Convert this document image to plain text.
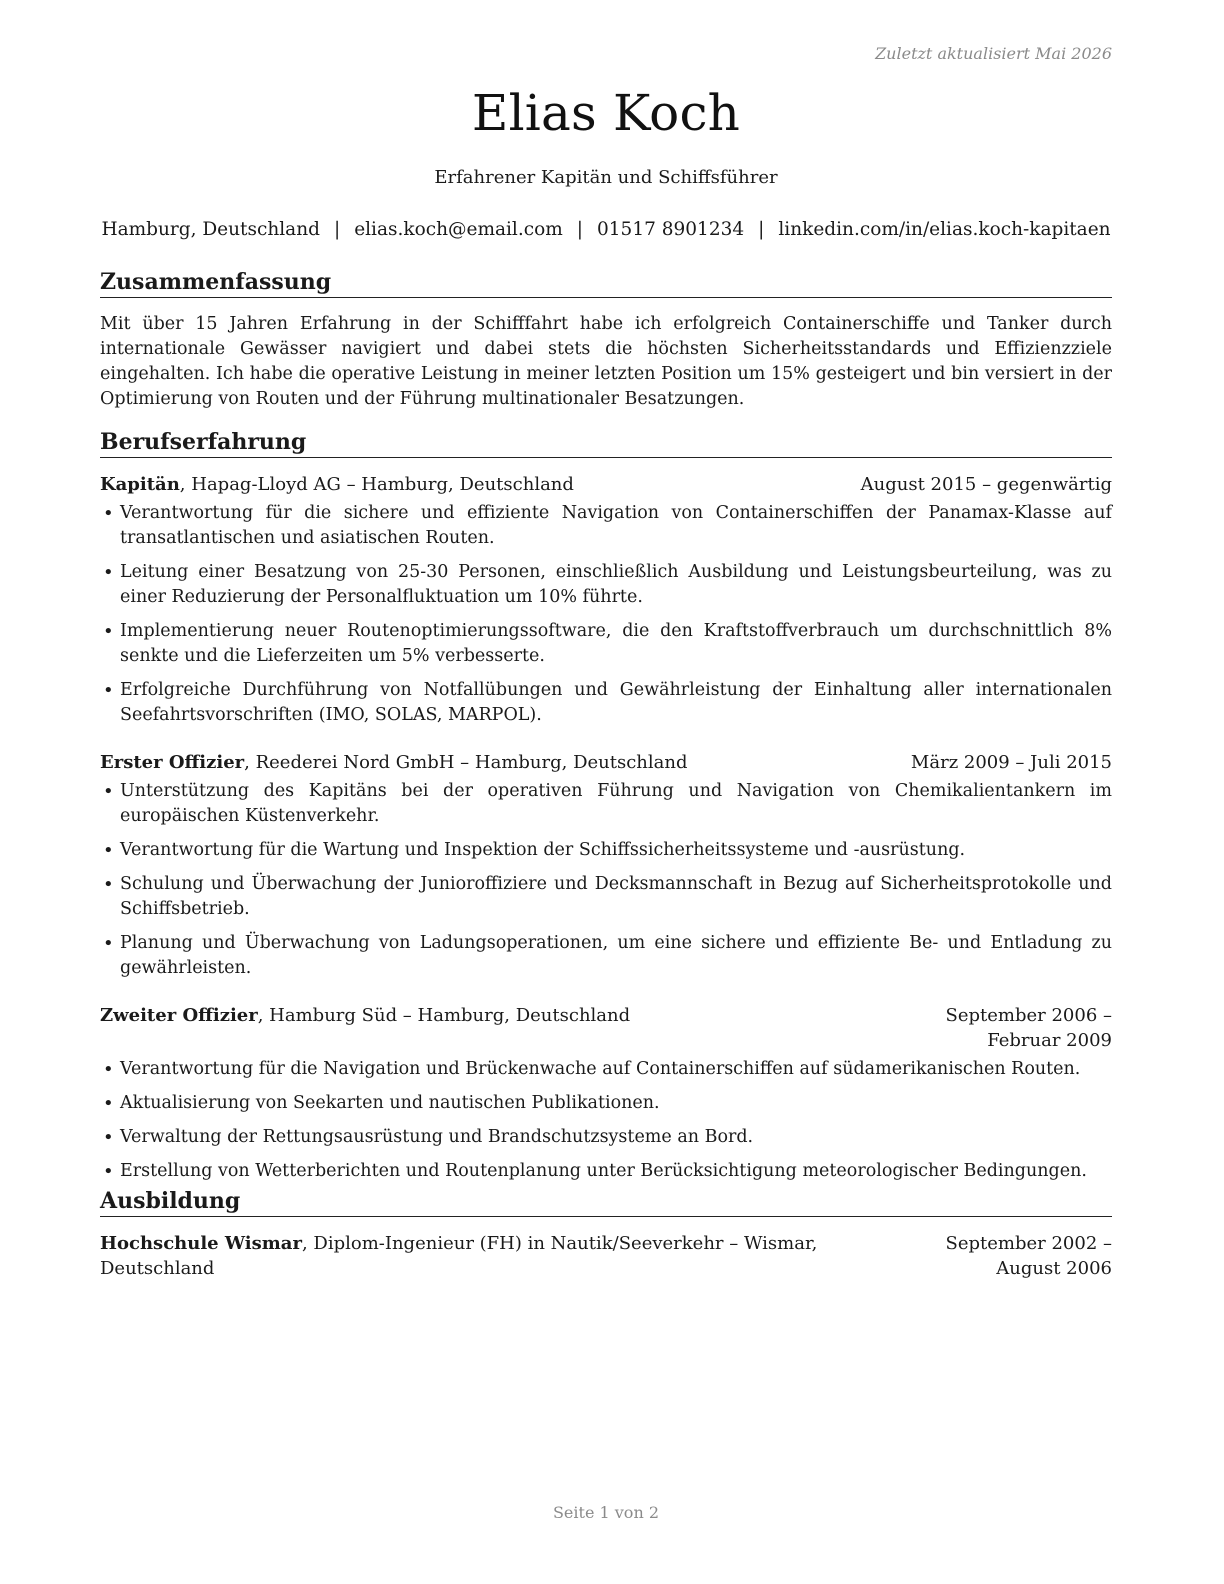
Zuletzt aktualisiert Mai 2026
Elias Koch
Erfahrener Kapitän und Schiffsführer
Hamburg, Deutschland | elias.koch@email.com | 01517 8901234 | linkedin.com/in/elias.koch-kapitaen
Zusammenfassung

Mit über 15 Jahren Erfahrung in der Schifffahrt habe ich erfolgreich Containerschiffe und Tanker durch internationale Gewässer navigiert und dabei stets die höchsten Sicherheitsstandards und Effizienzziele eingehalten. Ich habe die operative Leistung in meiner letzten Position um 15% gesteigert und bin versiert in der Optimierung von Routen und der Führung multinationaler Besatzungen.

Berufserfahrung
Kapitän, Hapag-Lloyd AG – Hamburg, Deutschland	August 2015 – gegenwärtig
• Verantwortung für die sichere und effiziente Navigation von Containerschiffen der Panamax-Klasse auf transatlantischen und asiatischen Routen.
• Leitung einer Besatzung von 25-30 Personen, einschließlich Ausbildung und Leistungsbeurteilung, was zu einer Reduzierung der Personalfluktuation um 10% führte.
• Implementierung neuer Routenoptimierungssoftware, die den Kraftstoffverbrauch um durchschnittlich 8% senkte und die Lieferzeiten um 5% verbesserte.
• Erfolgreiche Durchführung von Notfallübungen und Gewährleistung der Einhaltung aller internationalen Seefahrtsvorschriften (IMO, SOLAS, MARPOL).
Erster Offizier, Reederei Nord GmbH – Hamburg, Deutschland	März 2009 – Juli 2015
• Unterstützung des Kapitäns bei der operativen Führung und Navigation von Chemikalientankern im europäischen Küstenverkehr.
• Verantwortung für die Wartung und Inspektion der Schiffssicherheitssysteme und -ausrüstung.
• Schulung und Überwachung der Junioroffiziere und Decksmannschaft in Bezug auf Sicherheitsprotokolle und Schiffsbetrieb.
• Planung und Überwachung von Ladungsoperationen, um eine sichere und effiziente Be- und Entladung zu gewährleisten.
Zweiter Offizier, Hamburg Süd – Hamburg, Deutschland	September 2006 – Februar 2009
• Verantwortung für die Navigation und Brückenwache auf Containerschiffen auf südamerikanischen Routen.
• Aktualisierung von Seekarten und nautischen Publikationen.
• Verwaltung der Rettungsausrüstung und Brandschutzsysteme an Bord.
• Erstellung von Wetterberichten und Routenplanung unter Berücksichtigung meteorologischer Bedingungen.
Ausbildung
Hochschule Wismar, Diplom-Ingenieur (FH) in Nautik/Seeverkehr – Wismar, Deutschland
September 2002 – August 2006
Seite 1 von 2
